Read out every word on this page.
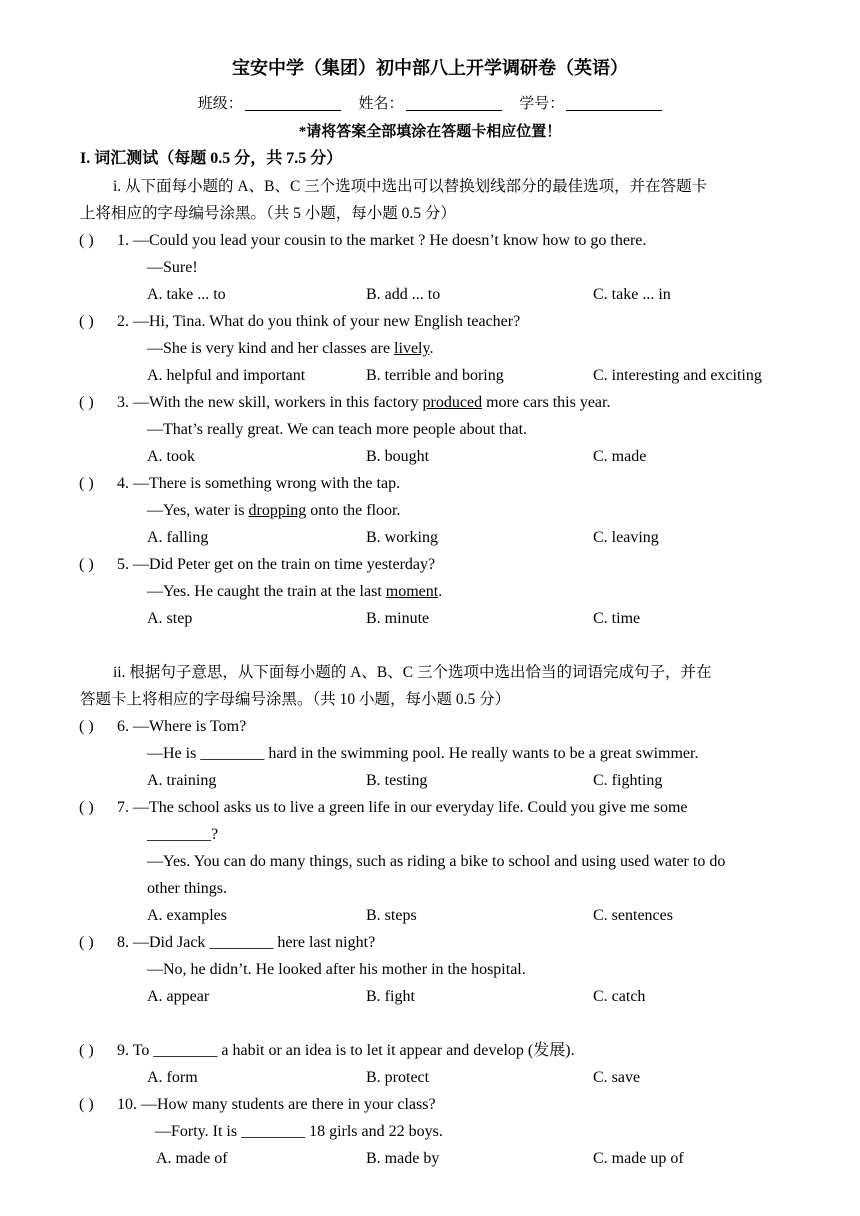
宝安中学（集团）初中部八上开学调研卷（英语）
班级：	姓名：	学号：
*请将答案全部填涂在答题卡相应位置！
I. 词汇测试（每题 0.5 分，共 7.5 分）
i. 从下面每小题的 A、B、C 三个选项中选出可以替换划线部分的最佳选项，并在答题卡
上将相应的字母编号涂黑。（共 5 小题，每小题 0.5 分）
( ) 1. —Could you lead your cousin to the market ? He doesn’t know how to go there.
—Sure!
A. take ... to	B. add ... to	C. take ... in
( ) 2. —Hi, Tina. What do you think of your new English teacher?
—She is very kind and her classes are lively.
A. helpful and important	B. terrible and boring	C. interesting and exciting
( ) 3. —With the new skill, workers in this factory produced more cars this year.
—That’s really great. We can teach more people about that.
A. took	B. bought	C. made
( ) 4. —There is something wrong with the tap.
—Yes, water is dropping onto the floor.
A. falling	B. working	C. leaving
( ) 5. —Did Peter get on the train on time yesterday?
—Yes. He caught the train at the last moment.
A. step	B. minute	C. time
ii. 根据句子意思，从下面每小题的 A、B、C 三个选项中选出恰当的词语完成句子，并在
答题卡上将相应的字母编号涂黑。（共 10 小题，每小题 0.5 分）
( ) 6. —Where is Tom?
—He is ________ hard in the swimming pool. He really wants to be a great swimmer.
A. training	B. testing	C. fighting
( ) 7. —The school asks us to live a green life in our everyday life. Could you give me some
________?
—Yes. You can do many things, such as riding a bike to school and using used water to do
other things.
A. examples	B. steps	C. sentences
( ) 8. —Did Jack ________ here last night?
—No, he didn’t. He looked after his mother in the hospital.
A. appear	B. fight	C. catch
( ) 9. To ________ a habit or an idea is to let it appear and develop (发展).
A. form	B. protect	C. save
( ) 10. —How many students are there in your class?
—Forty. It is ________ 18 girls and 22 boys.
A. made of	B. made by	C. made up of
